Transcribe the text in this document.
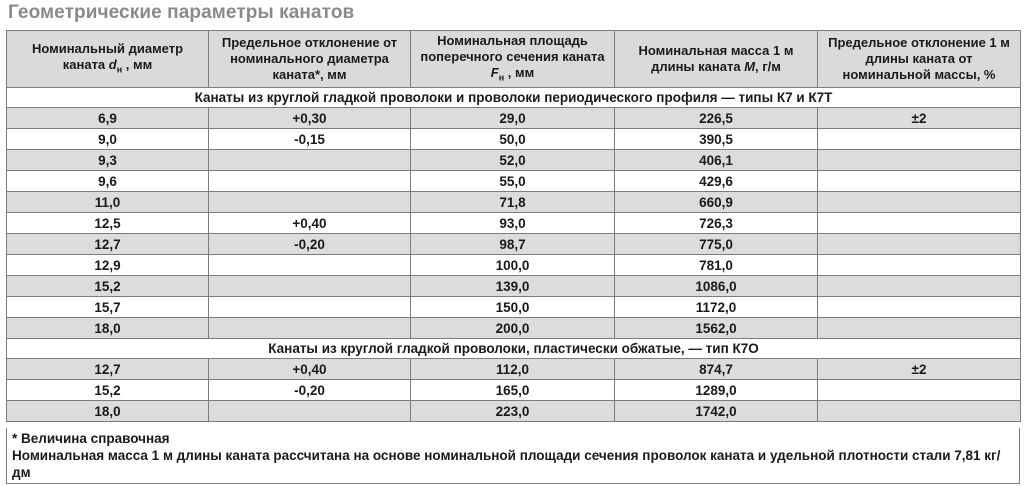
Геометрические параметры канатов
Номинальный диаметр каната $d_н$ , мм	Предельное отклонение от номинального диаметра каната*, мм	Номинальная площадь поперечного сечения каната $F_н$ , мм	Номинальная масса 1 м длины каната M, г/м	Предельное отклонение 1 м длины каната от номинальной массы, %
Канаты из круглой гладкой проволоки и проволоки периодического профиля — типы К7 и К7Т				
6,9	+0,30	29,0	226,5	±2
9,0	-0,15	50,0	390,5	
9,3		52,0	406,1	
9,6		55,0	429,6	
11,0		71,8	660,9	
12,5	+0,40	93,0	726,3	
12,7	-0,20	98,7	775,0	
12,9		100,0	781,0	
15,2		139,0	1086,0	
15,7		150,0	1172,0	
18,0		200,0	1562,0	
Канаты из круглой гладкой проволоки, пластически обжатые, — тип К7О				
12,7	+0,40	112,0	874,7	±2
15,2	-0,20	165,0	1289,0	
18,0		223,0	1742,0	
* Величина справочная
Номинальная масса 1 м длины каната рассчитана на основе номинальной площади сечения проволок каната и удельной плотности стали 7,81 кг/дм
